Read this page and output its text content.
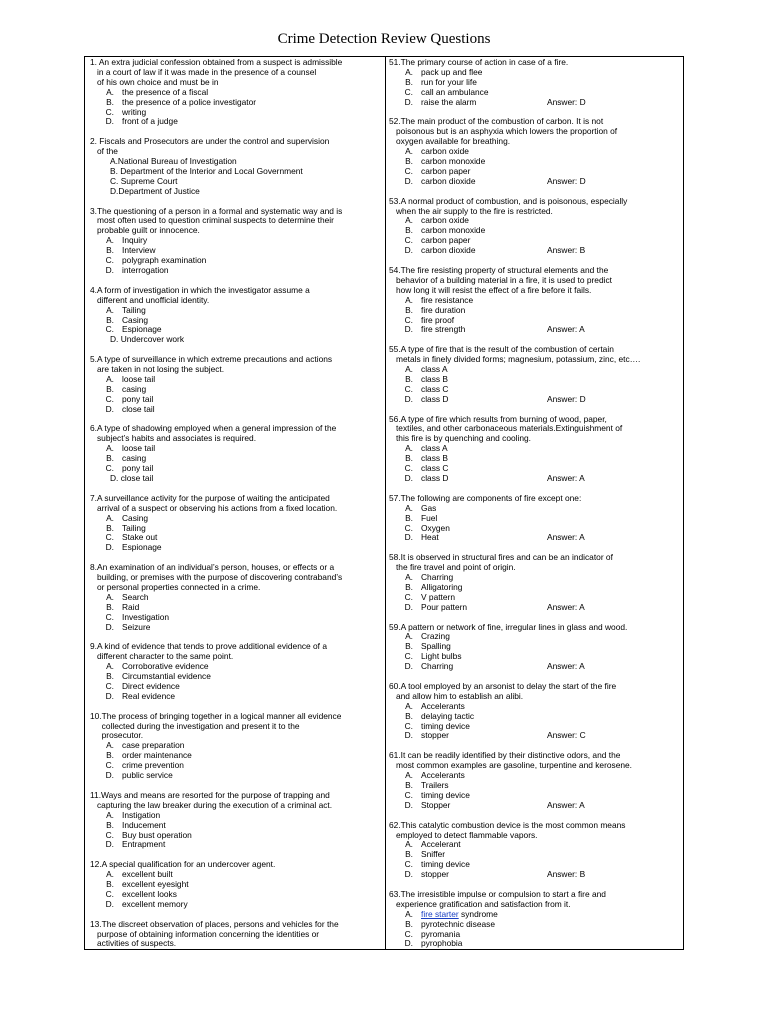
Crime Detection Review Questions
1. An extra judicial confession obtained from a suspect is admissible
in a court of law if it was made in the presence of a counsel
of his own choice and must be in
A. the presence of a fiscal
B. the presence of a police investigator
C. writing
D. front of a judge
2. Fiscals and Prosecutors are under the control and supervision
of the
A.National Bureau of Investigation
B. Department of the Interior and Local Government
C. Supreme Court
D.Department of Justice
3.The questioning of a person in a formal and systematic way and is
most often used to question criminal suspects to determine their
probable guilt or innocence.
A. Inquiry
B. Interview
C. polygraph examination
D. interrogation
4.A form of investigation in which the investigator assume a
different and unofficial identity.
A. Tailing
B. Casing
C. Espionage
D. Undercover work
5.A type of surveillance in which extreme precautions and actions
are taken in not losing the subject.
A. loose tail
B. casing
C. pony tail
D. close tail
6.A type of shadowing employed when a general impression of the
subject’s habits and associates is required.
A. loose tail
B. casing
C. pony tail
D. close tail
7.A surveillance activity for the purpose of waiting the anticipated
arrival of a suspect or observing his actions from a fixed location.
A. Casing
B. Tailing
C. Stake out
D. Espionage
8.An examination of an individual’s person, houses, or effects or a
building, or premises with the purpose of discovering contraband’s
or personal properties connected in a crime.
A. Search
B. Raid
C. Investigation
D. Seizure
9.A kind of evidence that tends to prove additional evidence of a
different character to the same point.
A. Corroborative evidence
B. Circumstantial evidence
C. Direct evidence
D. Real evidence
10.The process of bringing together in a logical manner all evidence
collected during the investigation and present it to the
prosecutor.
A. case preparation
B. order maintenance
C. crime prevention
D. public service
11.Ways and means are resorted for the purpose of trapping and
capturing the law breaker during the execution of a criminal act.
A. Instigation
B. Inducement
C. Buy bust operation
D. Entrapment
12.A special qualification for an undercover agent.
A. excellent built
B. excellent eyesight
C. excellent looks
D. excellent memory
13.The discreet observation of places, persons and vehicles for the
purpose of obtaining information concerning the identities or
activities of suspects.
51.The primary course of action in case of a fire.
A. pack up and flee
B. run for your life
C. call an ambulance
D. raise the alarm	Answer: D
52.The main product of the combustion of carbon. It is not
poisonous but is an asphyxia which lowers the proportion of
oxygen available for breathing.
A. carbon oxide
B. carbon monoxide
C. carbon paper
D. carbon dioxide	Answer: D
53.A normal product of combustion, and is poisonous, especially
when the air supply to the fire is restricted.
A. carbon oxide
B. carbon monoxide
C. carbon paper
D. carbon dioxide	Answer: B
54.The fire resisting property of structural elements and the
behavior of a building material in a fire, it is used to predict
how long it will resist the effect of a fire before it fails.
A. fire resistance
B. fire duration
C. fire proof
D. fire strength	Answer: A
55.A type of fire that is the result of the combustion of certain
metals in finely divided forms; magnesium, potassium, zinc, etc….
A. class A
B. class B
C. class C
D. class D	Answer: D
56.A type of fire which results from burning of wood, paper,
textiles, and other carbonaceous materials.Extinguishment of
this fire is by quenching and cooling.
A. class A
B. class B
C. class C
D. class D	Answer: A
57.The following are components of fire except one:
A. Gas
B. Fuel
C. Oxygen
D. Heat	Answer: A
58.It is observed in structural fires and can be an indicator of
the fire travel and point of origin.
A. Charring
B. Alligatoring
C. V pattern
D. Pour pattern	Answer: A
59.A pattern or network of fine, irregular lines in glass and wood.
A. Crazing
B. Spalling
C. Light bulbs
D. Charring	Answer: A
60.A tool employed by an arsonist to delay the start of the fire
and allow him to establish an alibi.
A. Accelerants
B. delaying tactic
C. timing device
D. stopper	Answer: C
61.It can be readily identified by their distinctive odors, and the
most common examples are gasoline, turpentine and kerosene.
A. Accelerants
B. Trailers
C. timing device
D. Stopper	Answer: A
62.This catalytic combustion device is the most common means
employed to detect flammable vapors.
A. Accelerant
B. Sniffer
C. timing device
D. stopper	Answer: B
63.The irresistible impulse or compulsion to start a fire and
experience gratification and satisfaction from it.
A. fire starter syndrome
B. pyrotechnic disease
C. pyromania
D. pyrophobia
